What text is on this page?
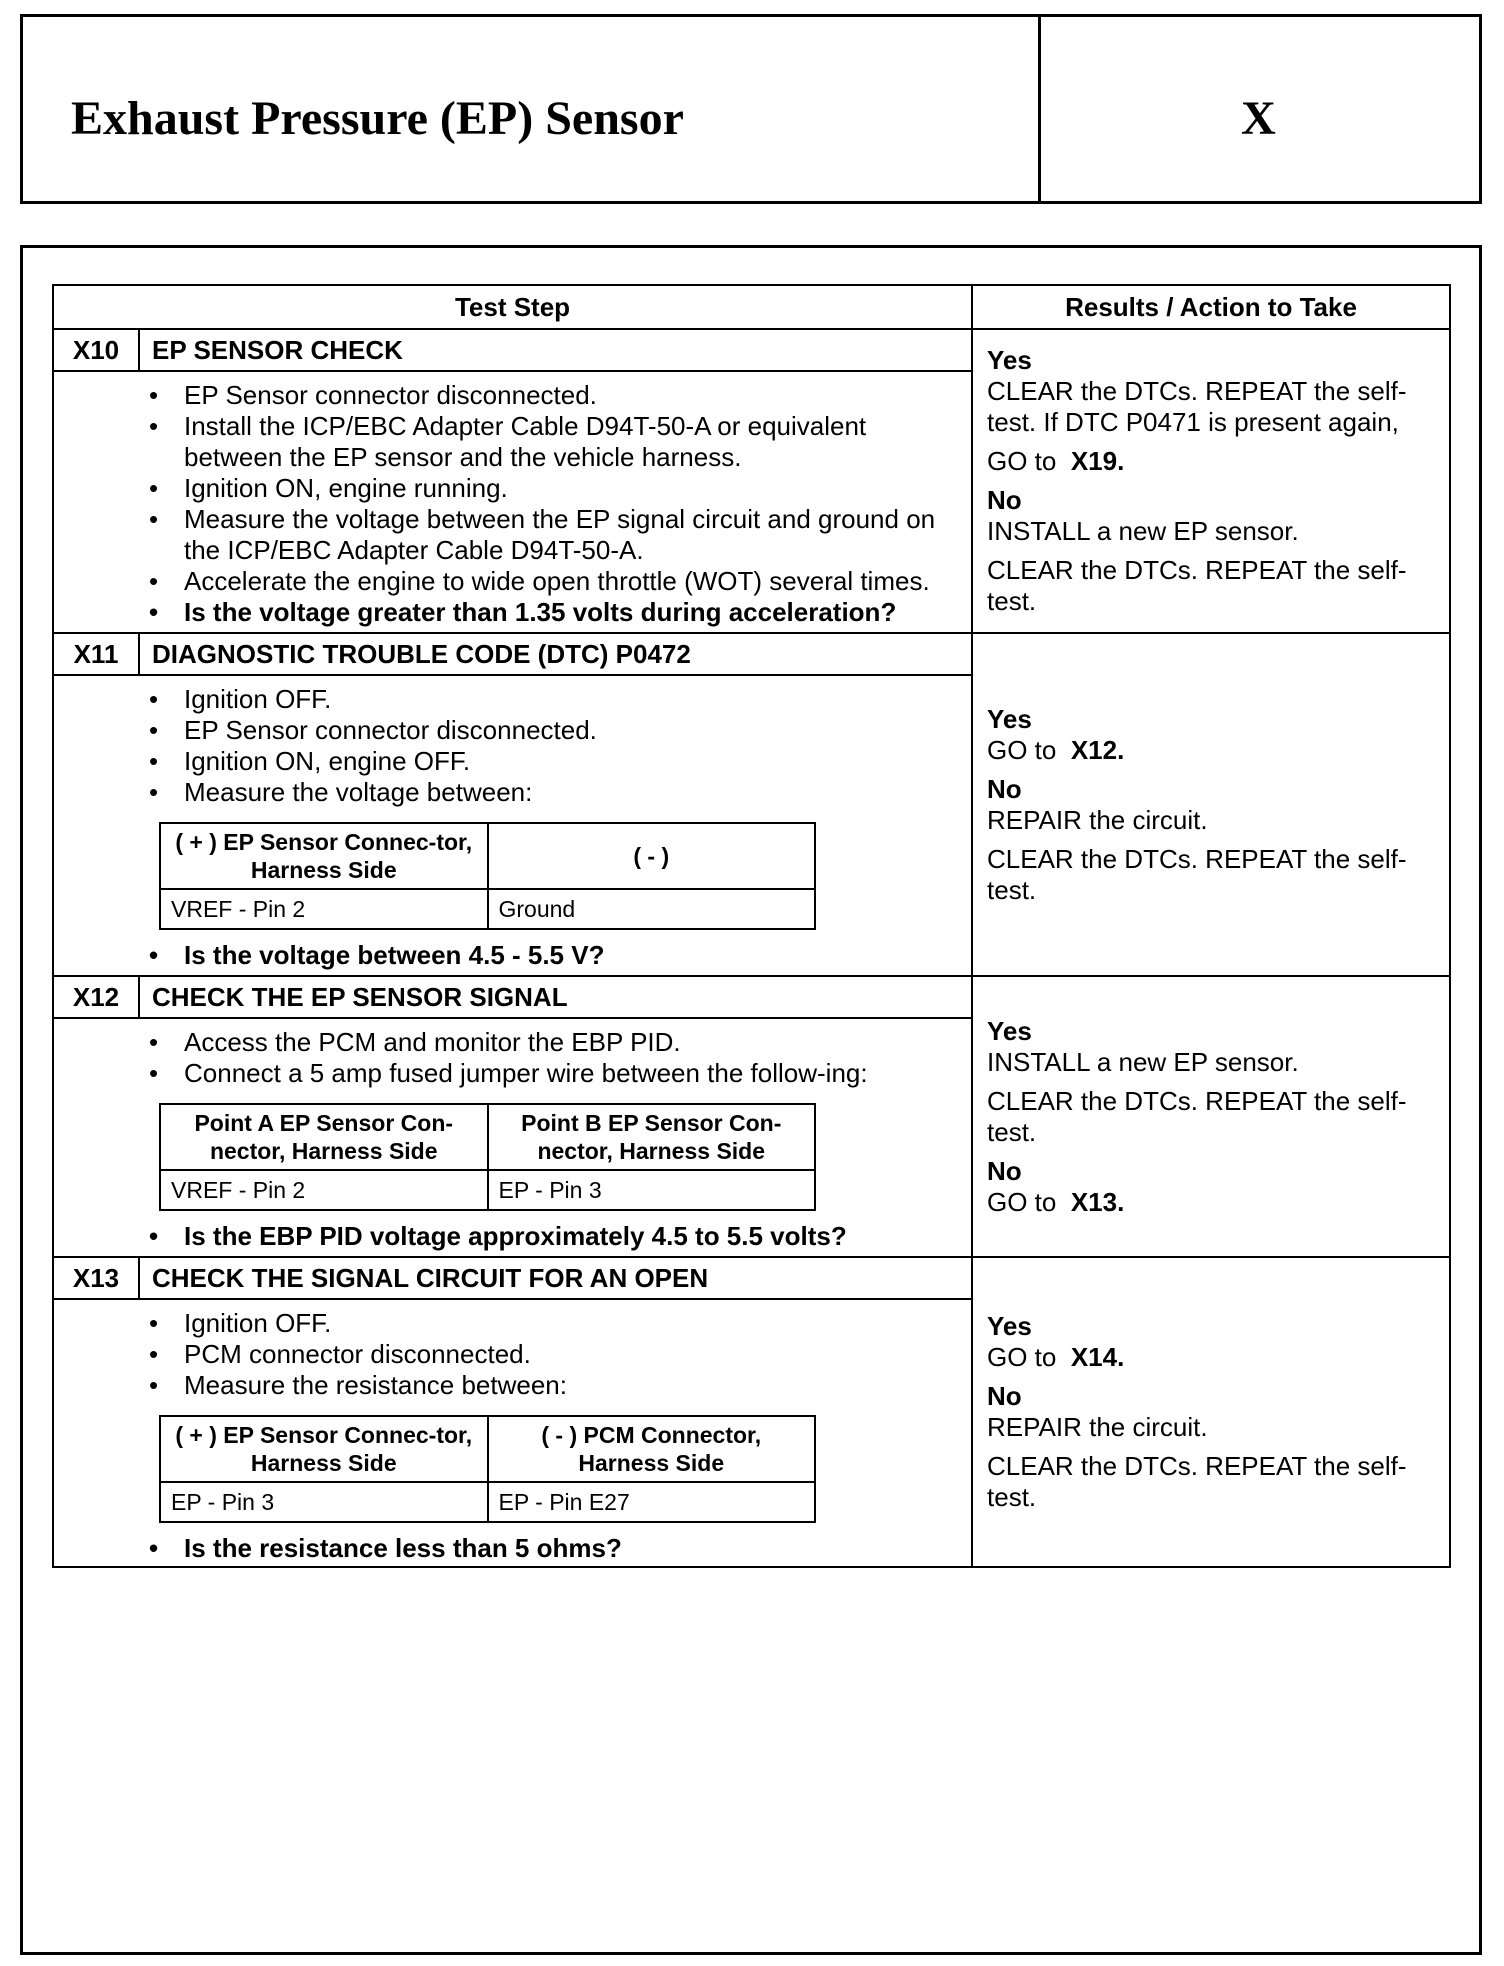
Exhaust Pressure (EP) Sensor	X
Test Step	Results / Action to Take
X10	EP SENSOR CHECK	Yes
CLEAR the DTCs. REPEAT the self-test. If DTC P0471 is present again,
GO to X19.
No
INSTALL a new EP sensor.
CLEAR the DTCs. REPEAT the self-test.

• EP Sensor connector disconnected.
• Install the ICP/EBC Adapter Cable D94T-50-A or equivalent between the EP sensor and the vehicle harness.
• Ignition ON, engine running.
• Measure the voltage between the EP signal circuit and ground on the ICP/EBC Adapter Cable D94T-50-A.
• Accelerate the engine to wide open throttle (WOT) several times.
• Is the voltage greater than 1.35 volts during acceleration?

X11	DIAGNOSTIC TROUBLE CODE (DTC) P0472	
Yes
GO to X12.
No
REPAIR the circuit.
CLEAR the DTCs. REPEAT the self-test.

• Ignition OFF.
• EP Sensor connector disconnected.
• Ignition ON, engine OFF.
• Measure the voltage between:
( + ) EP Sensor Connec-tor, Harness Side	( - )
VREF - Pin 2	Ground
• Is the voltage between 4.5 - 5.5 V?

X12	CHECK THE EP SENSOR SIGNAL	
Yes
INSTALL a new EP sensor.
CLEAR the DTCs. REPEAT the self-test.
No
GO to X13.

• Access the PCM and monitor the EBP PID.
• Connect a 5 amp fused jumper wire between the follow-ing:
Point A EP Sensor Con-nector, Harness Side	Point B EP Sensor Con-nector, Harness Side
VREF - Pin 2	EP - Pin 3
• Is the EBP PID voltage approximately 4.5 to 5.5 volts?

X13	CHECK THE SIGNAL CIRCUIT FOR AN OPEN	
Yes
GO to X14.
No
REPAIR the circuit.
CLEAR the DTCs. REPEAT the self-test.

• Ignition OFF.
• PCM connector disconnected.
• Measure the resistance between:
( + ) EP Sensor Connec-tor, Harness Side	( - ) PCM Connector, Harness Side
EP - Pin 3	EP - Pin E27
• Is the resistance less than 5 ohms?
